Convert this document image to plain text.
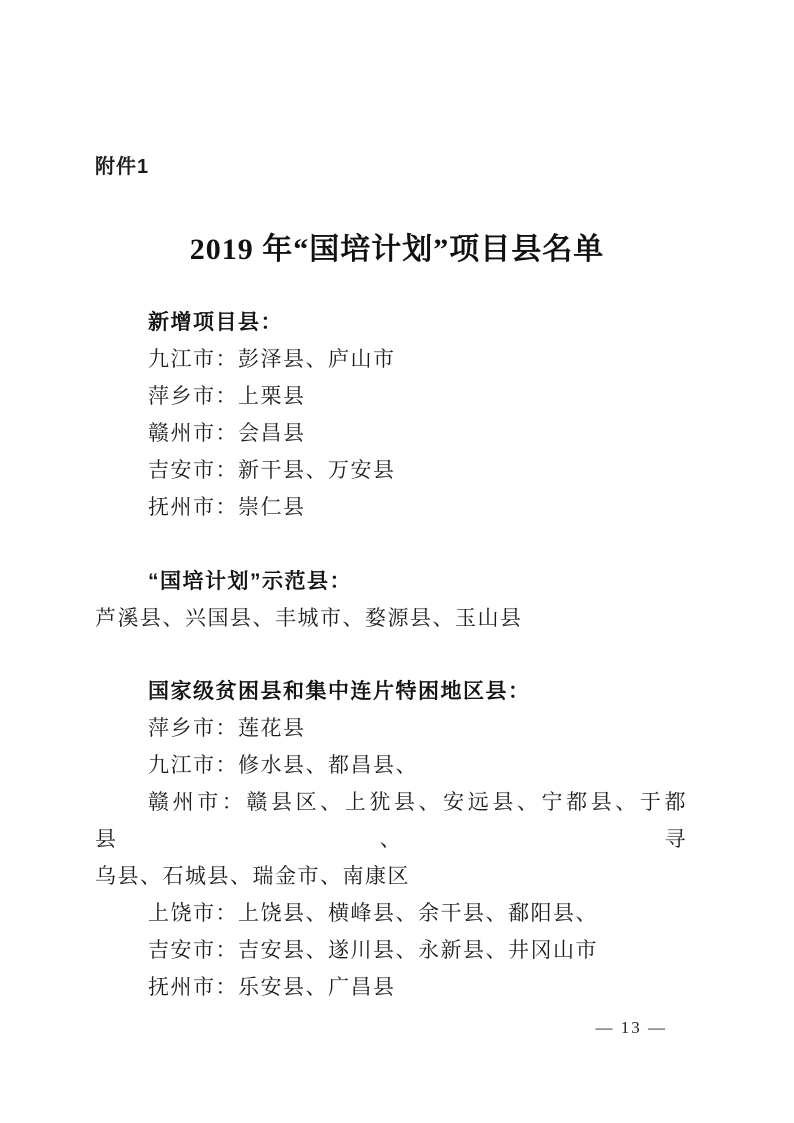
附件1
2019 年“国培计划”项目县名单
新增项目县：
九江市：彭泽县、庐山市
萍乡市：上栗县
赣州市：会昌县
吉安市：新干县、万安县
抚州市：崇仁县
“国培计划”示范县：
芦溪县、兴国县、丰城市、婺源县、玉山县
国家级贫困县和集中连片特困地区县：
萍乡市：莲花县
九江市：修水县、都昌县、
赣州市：赣县区、上犹县、安远县、宁都县、于都县、寻
乌县、石城县、瑞金市、南康区
上饶市：上饶县、横峰县、余干县、鄱阳县、
吉安市：吉安县、遂川县、永新县、井冈山市
抚州市：乐安县、广昌县
— 13 —
